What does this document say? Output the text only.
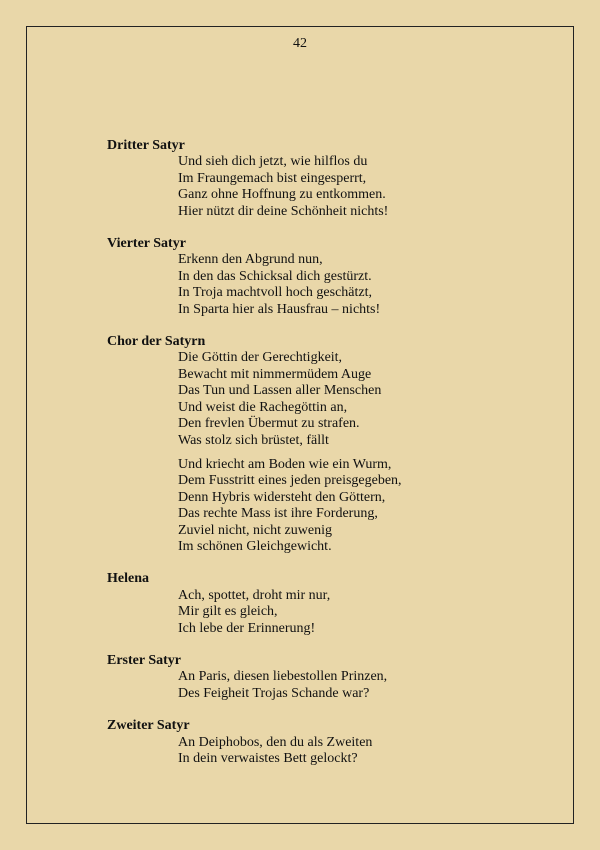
42
Dritter Satyr
Und sieh dich jetzt, wie hilflos du
Im Fraungemach bist eingesperrt,
Ganz ohne Hoffnung zu entkommen.
Hier nützt dir deine Schönheit nichts!
Vierter Satyr
Erkenn den Abgrund nun,
In den das Schicksal dich gestürzt.
In Troja machtvoll hoch geschätzt,
In Sparta hier als Hausfrau – nichts!
Chor der Satyrn
Die Göttin der Gerechtigkeit,
Bewacht mit nimmermüdem Auge
Das Tun und Lassen aller Menschen
Und weist die Rachegöttin an,
Den frevlen Übermut zu strafen.
Was stolz sich brüstet, fällt
Und kriecht am Boden wie ein Wurm,
Dem Fusstritt eines jeden preisgegeben,
Denn Hybris widersteht den Göttern,
Das rechte Mass ist ihre Forderung,
Zuviel nicht, nicht zuwenig
Im schönen Gleichgewicht.
Helena
Ach, spottet, droht mir nur,
Mir gilt es gleich,
Ich lebe der Erinnerung!
Erster Satyr
An Paris, diesen liebestollen Prinzen,
Des Feigheit Trojas Schande war?
Zweiter Satyr
An Deiphobos, den du als Zweiten
In dein verwaistes Bett gelockt?
